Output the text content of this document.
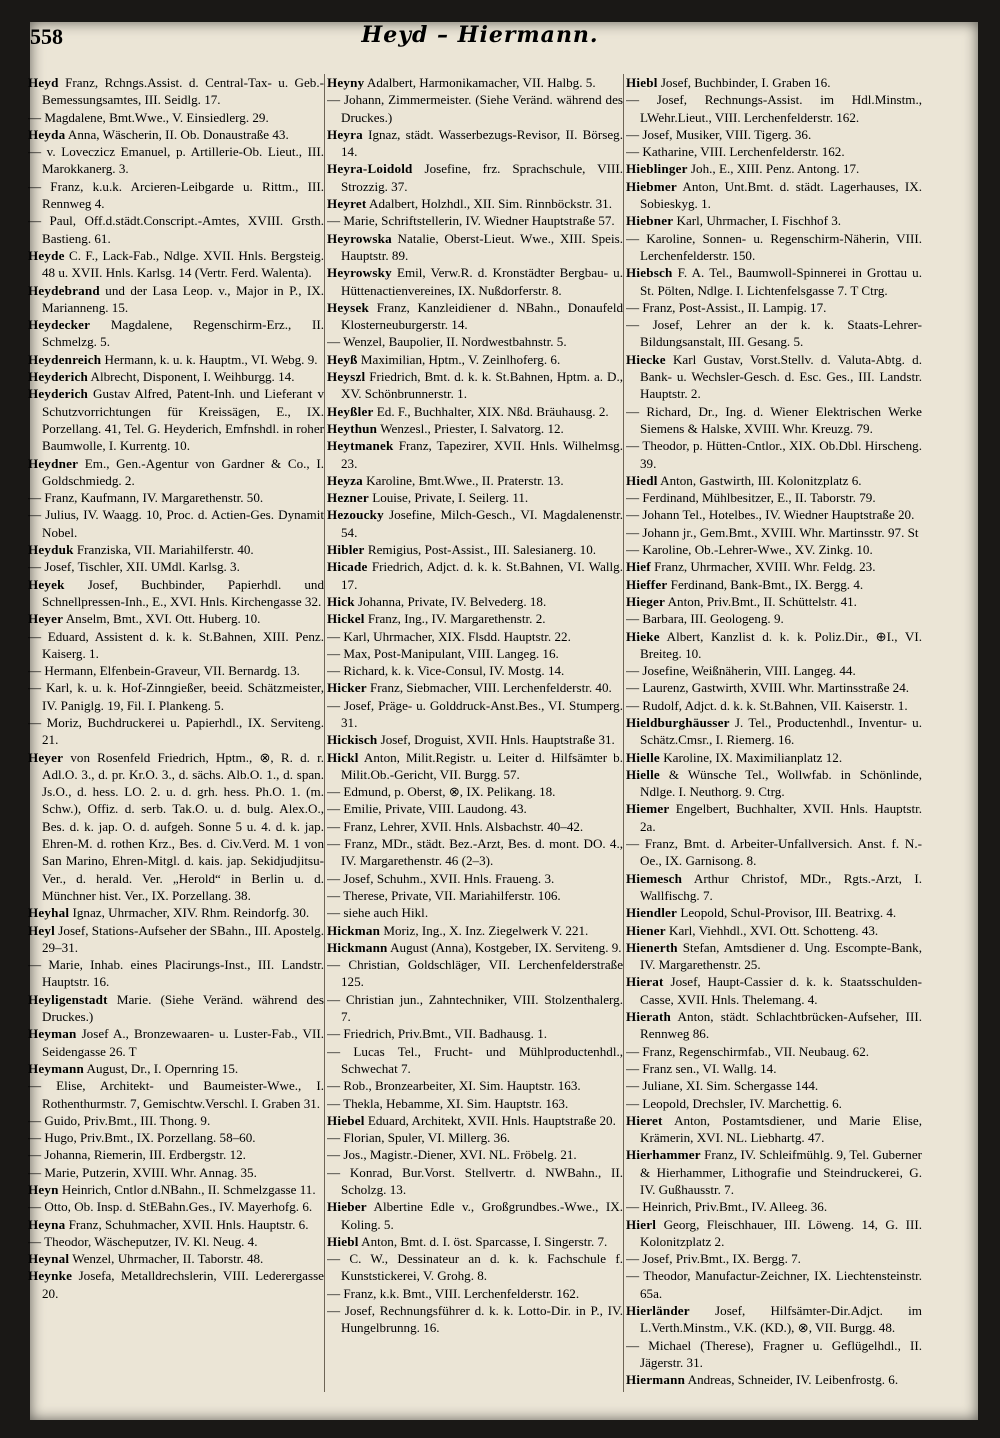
558	Heyd – Hiermann.

Heyd Franz, Rchngs.Assist. d. Central-Tax- u. Geb.-Bemessungsamtes, III. Seidlg. 17.

— Magdalene, Bmt.Wwe., V. Einsiedlerg. 29.

Heyda Anna, Wäscherin, II. Ob. Donaustraße 43.

— v. Loveczicz Emanuel, p. Artillerie-Ob. Lieut., III. Marokkanerg. 3.

— Franz, k.u.k. Arcieren-Leibgarde u. Rittm., III. Rennweg 4.

— Paul, Off.d.städt.Conscript.-Amtes, XVIII. Grsth. Bastieng. 61.

Heyde C. F., Lack-Fab., Ndlge. XVII. Hnls. Bergsteig. 48 u. XVII. Hnls. Karlsg. 14 (Vertr. Ferd. Walenta).

Heydebrand und der Lasa Leop. v., Major in P., IX. Marianneng. 15.

Heydecker Magdalene, Regenschirm-Erz., II. Schmelzg. 5.

Heydenreich Hermann, k. u. k. Hauptm., VI. Webg. 9.

Heyderich Albrecht, Disponent, I. Weihburgg. 14.

Heyderich Gustav Alfred, Patent-Inh. und Lieferant v Schutzvorrichtungen für Kreissägen, E., IX. Porzellang. 41, Tel. G. Heyderich, Emfnshdl. in roher Baumwolle, I. Kurrentg. 10.

Heydner Em., Gen.-Agentur von Gardner & Co., I. Goldschmiedg. 2.

— Franz, Kaufmann, IV. Margarethenstr. 50.

— Julius, IV. Waagg. 10, Proc. d. Actien-Ges. Dynamit Nobel.

Heyduk Franziska, VII. Mariahilferstr. 40.

— Josef, Tischler, XII. UMdl. Karlsg. 3.

Heyek Josef, Buchbinder, Papierhdl. und Schnellpressen-Inh., E., XVI. Hnls. Kirchengasse 32.

Heyer Anselm, Bmt., XVI. Ott. Huberg. 10.

— Eduard, Assistent d. k. k. St.Bahnen, XIII. Penz. Kaiserg. 1.

— Hermann, Elfenbein-Graveur, VII. Bernardg. 13.

— Karl, k. u. k. Hof-Zinngießer, beeid. Schätzmeister, IV. Paniglg. 19, Fil. I. Plankeng. 5.

— Moriz, Buchdruckerei u. Papierhdl., IX. Serviteng. 21.

Heyer von Rosenfeld Friedrich, Hptm., ⊗, R. d. r. Adl.O. 3., d. pr. Kr.O. 3., d. sächs. Alb.O. 1., d. span. Js.O., d. hess. LO. 2. u. d. grh. hess. Ph.O. 1. (m. Schw.), Offiz. d. serb. Tak.O. u. d. bulg. Alex.O., Bes. d. k. jap. O. d. aufgeh. Sonne 5 u. 4. d. k. jap. Ehren-M. d. rothen Krz., Bes. d. Civ.Verd. M. 1 von San Marino, Ehren-Mitgl. d. kais. jap. Sekidjudjitsu-Ver., d. herald. Ver. „Herold“ in Berlin u. d. Münchner hist. Ver., IX. Porzellang. 38.

Heyhal Ignaz, Uhrmacher, XIV. Rhm. Reindorfg. 30.

Heyl Josef, Stations-Aufseher der SBahn., III. Apostelg. 29–31.

— Marie, Inhab. eines Placirungs-Inst., III. Landstr. Hauptstr. 16.

Heyligenstadt Marie. (Siehe Veränd. während des Druckes.)

Heyman Josef A., Bronzewaaren- u. Luster-Fab., VII. Seidengasse 26. T

Heymann August, Dr., I. Opernring 15.

— Elise, Architekt- und Baumeister-Wwe., I. Rothenthurmstr. 7, Gemischtw.Verschl. I. Graben 31.

— Guido, Priv.Bmt., III. Thong. 9.

— Hugo, Priv.Bmt., IX. Porzellang. 58–60.

— Johanna, Riemerin, III. Erdbergstr. 12.

— Marie, Putzerin, XVIII. Whr. Annag. 35.

Heyn Heinrich, Cntlor d.NBahn., II. Schmelzgasse 11.

— Otto, Ob. Insp. d. StEBahn.Ges., IV. Mayerhofg. 6.

Heyna Franz, Schuhmacher, XVII. Hnls. Hauptstr. 6.

— Theodor, Wäscheputzer, IV. Kl. Neug. 4.

Heynal Wenzel, Uhrmacher, II. Taborstr. 48.

Heynke Josefa, Metalldrechslerin, VIII. Lederergasse 20.

Heyny Adalbert, Harmonikamacher, VII. Halbg. 5.

— Johann, Zimmermeister. (Siehe Veränd. während des Druckes.)

Heyra Ignaz, städt. Wasserbezugs-Revisor, II. Börseg. 14.

Heyra-Loidold Josefine, frz. Sprachschule, VIII. Strozzig. 37.

Heyret Adalbert, Holzhdl., XII. Sim. Rinnböckstr. 31.

— Marie, Schriftstellerin, IV. Wiedner Hauptstraße 57.

Heyrowska Natalie, Oberst-Lieut. Wwe., XIII. Speis. Hauptstr. 89.

Heyrowsky Emil, Verw.R. d. Kronstädter Bergbau- u. Hüttenactienvereines, IX. Nußdorferstr. 8.

Heysek Franz, Kanzleidiener d. NBahn., Donaufeld Klosterneuburgerstr. 14.

— Wenzel, Baupolier, II. Nordwestbahnstr. 5.

Heyß Maximilian, Hptm., V. Zeinlhoferg. 6.

Heyszl Friedrich, Bmt. d. k. k. St.Bahnen, Hptm. a. D., XV. Schönbrunnerstr. 1.

Heyßler Ed. F., Buchhalter, XIX. Nßd. Bräuhausg. 2.

Heythun Wenzesl., Priester, I. Salvatorg. 12.

Heytmanek Franz, Tapezirer, XVII. Hnls. Wilhelmsg. 23.

Heyza Karoline, Bmt.Wwe., II. Praterstr. 13.

Hezner Louise, Private, I. Seilerg. 11.

Hezoucky Josefine, Milch-Gesch., VI. Magdalenenstr. 54.

Hibler Remigius, Post-Assist., III. Salesianerg. 10.

Hicade Friedrich, Adjct. d. k. k. St.Bahnen, VI. Wallg. 17.

Hick Johanna, Private, IV. Belvederg. 18.

Hickel Franz, Ing., IV. Margarethenstr. 2.

— Karl, Uhrmacher, XIX. Flsdd. Hauptstr. 22.

— Max, Post-Manipulant, VIII. Langeg. 16.

— Richard, k. k. Vice-Consul, IV. Mostg. 14.

Hicker Franz, Siebmacher, VIII. Lerchenfelderstr. 40.

— Josef, Präge- u. Golddruck-Anst.Bes., VI. Stumperg. 31.

Hickisch Josef, Droguist, XVII. Hnls. Hauptstraße 31.

Hickl Anton, Milit.Registr. u. Leiter d. Hilfsämter b. Milit.Ob.-Gericht, VII. Burgg. 57.

— Edmund, p. Oberst, ⊗, IX. Pelikang. 18.

— Emilie, Private, VIII. Laudong. 43.

— Franz, Lehrer, XVII. Hnls. Alsbachstr. 40–42.

— Franz, MDr., städt. Bez.-Arzt, Bes. d. mont. DO. 4., IV. Margarethenstr. 46 (2–3).

— Josef, Schuhm., XVII. Hnls. Fraueng. 3.

— Therese, Private, VII. Mariahilferstr. 106.

— siehe auch Hikl.

Hickman Moriz, Ing., X. Inz. Ziegelwerk V. 221.

Hickmann August (Anna), Kostgeber, IX. Serviteng. 9.

— Christian, Goldschläger, VII. Lerchenfelderstraße 125.

— Christian jun., Zahntechniker, VIII. Stolzenthalerg. 7.

— Friedrich, Priv.Bmt., VII. Badhausg. 1.

— Lucas Tel., Frucht- und Mühlproductenhdl., Schwechat 7.

— Rob., Bronzearbeiter, XI. Sim. Hauptstr. 163.

— Thekla, Hebamme, XI. Sim. Hauptstr. 163.

Hiebel Eduard, Architekt, XVII. Hnls. Hauptstraße 20.

— Florian, Spuler, VI. Millerg. 36.

— Jos., Magistr.-Diener, XVI. NL. Fröbelg. 21.

— Konrad, Bur.Vorst. Stellvertr. d. NWBahn., II. Scholzg. 13.

Hieber Albertine Edle v., Großgrundbes.-Wwe., IX. Koling. 5.

Hiebl Anton, Bmt. d. I. öst. Sparcasse, I. Singerstr. 7.

— C. W., Dessinateur an d. k. k. Fachschule f. Kunststickerei, V. Grohg. 8.

— Franz, k.k. Bmt., VIII. Lerchenfelderstr. 162.

— Josef, Rechnungsführer d. k. k. Lotto-Dir. in P., IV. Hungelbrunng. 16.

Hiebl Josef, Buchbinder, I. Graben 16.

— Josef, Rechnungs-Assist. im Hdl.Minstm., LWehr.Lieut., VIII. Lerchenfelderstr. 162.

— Josef, Musiker, VIII. Tigerg. 36.

— Katharine, VIII. Lerchenfelderstr. 162.

Hieblinger Joh., E., XIII. Penz. Antong. 17.

Hiebmer Anton, Unt.Bmt. d. städt. Lagerhauses, IX. Sobieskyg. 1.

Hiebner Karl, Uhrmacher, I. Fischhof 3.

— Karoline, Sonnen- u. Regenschirm-Näherin, VIII. Lerchenfelderstr. 150.

Hiebsch F. A. Tel., Baumwoll-Spinnerei in Grottau u. St. Pölten, Ndlge. I. Lichtenfelsgasse 7. T Ctrg.

— Franz, Post-Assist., II. Lampig. 17.

— Josef, Lehrer an der k. k. Staats-Lehrer-Bildungsanstalt, III. Gesang. 5.

Hiecke Karl Gustav, Vorst.Stellv. d. Valuta-Abtg. d. Bank- u. Wechsler-Gesch. d. Esc. Ges., III. Landstr. Hauptstr. 2.

— Richard, Dr., Ing. d. Wiener Elektrischen Werke Siemens & Halske, XVIII. Whr. Kreuzg. 79.

— Theodor, p. Hütten-Cntlor., XIX. Ob.Dbl. Hirscheng. 39.

Hiedl Anton, Gastwirth, III. Kolonitzplatz 6.

— Ferdinand, Mühlbesitzer, E., II. Taborstr. 79.

— Johann Tel., Hotelbes., IV. Wiedner Hauptstraße 20.

— Johann jr., Gem.Bmt., XVIII. Whr. Martinsstr. 97. St

— Karoline, Ob.-Lehrer-Wwe., XV. Zinkg. 10.

Hief Franz, Uhrmacher, XVIII. Whr. Feldg. 23.

Hieffer Ferdinand, Bank-Bmt., IX. Bergg. 4.

Hieger Anton, Priv.Bmt., II. Schüttelstr. 41.

— Barbara, III. Geologeng. 9.

Hieke Albert, Kanzlist d. k. k. Poliz.Dir., ⊕I., VI. Breiteg. 10.

— Josefine, Weißnäherin, VIII. Langeg. 44.

— Laurenz, Gastwirth, XVIII. Whr. Martinsstraße 24.

— Rudolf, Adjct. d. k. k. St.Bahnen, VII. Kaiserstr. 1.

Hieldburghäusser J. Tel., Productenhdl., Inventur- u. Schätz.Cmsr., I. Riemerg. 16.

Hielle Karoline, IX. Maximilianplatz 12.

Hielle & Wünsche Tel., Wollwfab. in Schönlinde, Ndlge. I. Neuthorg. 9. Ctrg.

Hiemer Engelbert, Buchhalter, XVII. Hnls. Hauptstr. 2a.

— Franz, Bmt. d. Arbeiter-Unfallversich. Anst. f. N.-Oe., IX. Garnisong. 8.

Hiemesch Arthur Christof, MDr., Rgts.-Arzt, I. Wallfischg. 7.

Hiendler Leopold, Schul-Provisor, III. Beatrixg. 4.

Hiener Karl, Viehhdl., XVI. Ott. Schotteng. 43.

Hienerth Stefan, Amtsdiener d. Ung. Escompte-Bank, IV. Margarethenstr. 25.

Hierat Josef, Haupt-Cassier d. k. k. Staatsschulden-Casse, XVII. Hnls. Thelemang. 4.

Hierath Anton, städt. Schlachtbrücken-Aufseher, III. Rennweg 86.

— Franz, Regenschirmfab., VII. Neubaug. 62.

— Franz sen., VI. Wallg. 14.

— Juliane, XI. Sim. Schergasse 144.

— Leopold, Drechsler, IV. Marchettig. 6.

Hieret Anton, Postamtsdiener, und Marie Elise, Krämerin, XVI. NL. Liebhartg. 47.

Hierhammer Franz, IV. Schleifmühlg. 9, Tel. Guberner & Hierhammer, Lithografie und Steindruckerei, G. IV. Gußhausstr. 7.

— Heinrich, Priv.Bmt., IV. Alleeg. 36.

Hierl Georg, Fleischhauer, III. Löweng. 14, G. III. Kolonitzplatz 2.

— Josef, Priv.Bmt., IX. Bergg. 7.

— Theodor, Manufactur-Zeichner, IX. Liechtensteinstr. 65a.

Hierländer Josef, Hilfsämter-Dir.Adjct. im L.Verth.Minstm., V.K. (KD.), ⊗, VII. Burgg. 48.

— Michael (Therese), Fragner u. Geflügelhdl., II. Jägerstr. 31.

Hiermann Andreas, Schneider, IV. Leibenfrostg. 6.
